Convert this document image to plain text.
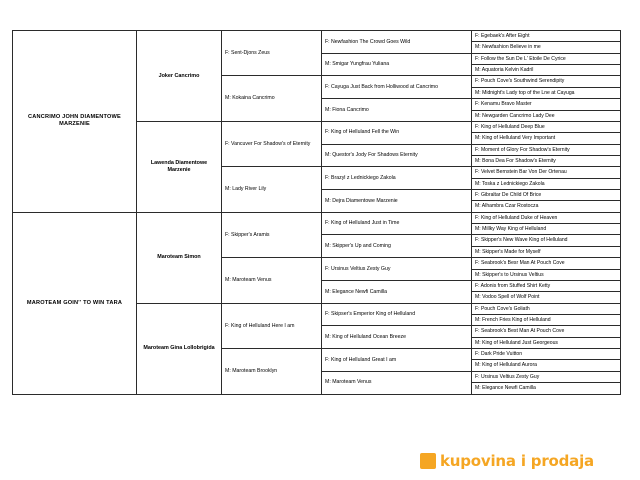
CANCRIMO JOHN DIAMENTOWE MARZENIE	Joker Cancrimo	F: Sent-Djons Zeus	F: Newfashion The Crowd Goes Wild	F: Egebaek's After Eight
				M: Newfashion Believe in me
			M: Smigar Yungfrau Yuliana	F: Follow the Sun De L' Etoile De Cyrice
				M: Aquatoria Kelvin Kadril
		M: Kokaina Cancrimo	F: Cayuga Just Back from Holliwood at Cancrimo	F: Pouch Cove's Southwind Serendipity
				M: Midnight's Lady top of the Lne at Cayuga
			M: Fiona Cancrimo	F: Kenamu Bravo Master
				M: Newgarden Cancrimo Lady Dee
	Lawenda Diamentowe Marzenie	F: Vancuver For Shadow's of Eternity	F: King of Helluland Fell the Win	F: King of Helluland Deep Blue
				M: King of Helluland Very Important
			M: Questor's Jody For Shadows Eternity	F: Moment of Glory For Shadow's Eternity
				M: Bona Dea For Shadow's Eternity
		M: Lady River Lily	F: Brazyl z Lednickiego Zakola	F: Velvet Bernstein Bar Von Der Ortenau
				M: Toska z Lednickiego Zakola
			M: Dejra Diamentowe Marzenie	F: Gibraltar De Child Of Brice
				M: Alhambra Czar Rostocza
MAROTEAM GOIN'' TO WIN TARA	Maroteam Simon	F: Skipper's Aramis	F: King of Helluland Just in Time	F: King of Helluland Duke of Heaven
				M: Millky Way King of Helluland
			M: Skipper's Up and Coming	F: Skipper's New Wave King of Helluland
				M: Skipper's Made for Myself
		M: Maroteam Venus	F: Ursinus Veltius Zesty Guy	F: Seabrook's Besr Man At Pouch Cove
				M: Skipper's to Ursinus Veltius
			M: Elegance Newfi Camilla	F: Adonis from Stuffed Shirt Ketty
				M: Vodoo Spell of Wolf Point
	Maroteam Gina Lollobrigida	F: King of Helluland Here I am	F: Skipser's Emperior King of Helluland	F: Pouch Cove's Goliath
				M: French Fries King of Helluland
			M: King of Helluland Ocean Breeze	F: Seabrook's Best Man At Pouch Cove
				M: King of Helluland Just Georgeous
		M: Maroteam Brooklyn	F: King of Helluland Great I am	F: Dark Pride Vuitton
				M: King of Helluland Aurora
			M: Maroteam Venus	F: Ursinus Veltius Zesty Guy
				M: Elegance Newfi Camilla
kupovina i prodaja
